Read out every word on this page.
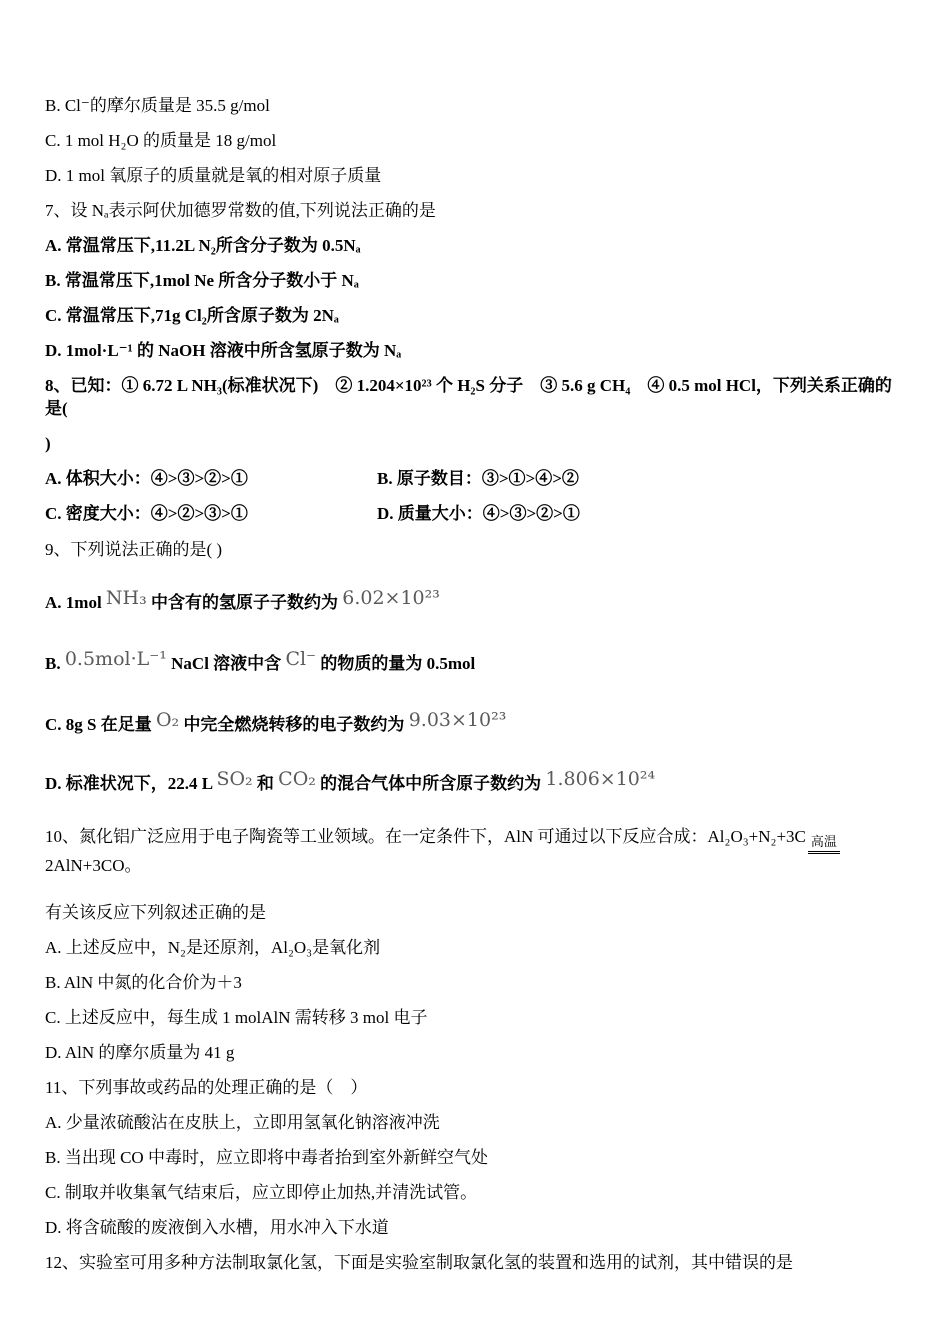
B. Cl⁻的摩尔质量是 35.5 g/mol

C. 1 mol H₂O 的质量是 18 g/mol

D. 1 mol 氧原子的质量就是氧的相对原子质量

7、设 Nₐ表示阿伏加德罗常数的值,下列说法正确的是

A. 常温常压下,11.2L N₂所含分子数为 0.5Nₐ

B. 常温常压下,1mol Ne 所含分子数小于 Nₐ

C. 常温常压下,71g Cl₂所含原子数为 2Nₐ

D. 1mol·L⁻¹ 的 NaOH 溶液中所含氢原子数为 Nₐ

8、已知：① 6.72 L NH₃(标准状况下)　② 1.204×10²³ 个 H₂S 分子　③ 5.6 g CH₄　④ 0.5 mol HCl，下列关系正确的是(

)

A. 体积大小：④>③>②>①	B. 原子数目：③>①>④>②

C. 密度大小：④>②>③>①	D. 质量大小：④>③>②>①

9、下列说法正确的是( )

A. 1mol NH₃ 中含有的氢原子子数约为 6.02×10²³

B. 0.5mol·L⁻¹ NaCl 溶液中含 Cl⁻ 的物质的量为 0.5mol

C. 8g S 在足量 O₂ 中完全燃烧转移的电子数约为 9.03×10²³

D. 标准状况下，22.4 L SO₂ 和 CO₂ 的混合气体中所含原子数约为 1.806×10²⁴

10、氮化铝广泛应用于电子陶瓷等工业领域。在一定条件下，AlN 可通过以下反应合成：Al₂O₃+N₂+3C 高温
2AlN+3CO。

有关该反应下列叙述正确的是

A. 上述反应中，N₂是还原剂，Al₂O₃是氧化剂

B. AlN 中氮的化合价为＋3

C. 上述反应中，每生成 1 molAlN 需转移 3 mol 电子

D. AlN 的摩尔质量为 41 g

11、下列事故或药品的处理正确的是（　）

A. 少量浓硫酸沾在皮肤上，立即用氢氧化钠溶液冲洗

B. 当出现 CO 中毒时，应立即将中毒者抬到室外新鲜空气处

C. 制取并收集氧气结束后，应立即停止加热,并清洗试管。

D. 将含硫酸的废液倒入水槽，用水冲入下水道

12、实验室可用多种方法制取氯化氢，下面是实验室制取氯化氢的装置和选用的试剂，其中错误的是
